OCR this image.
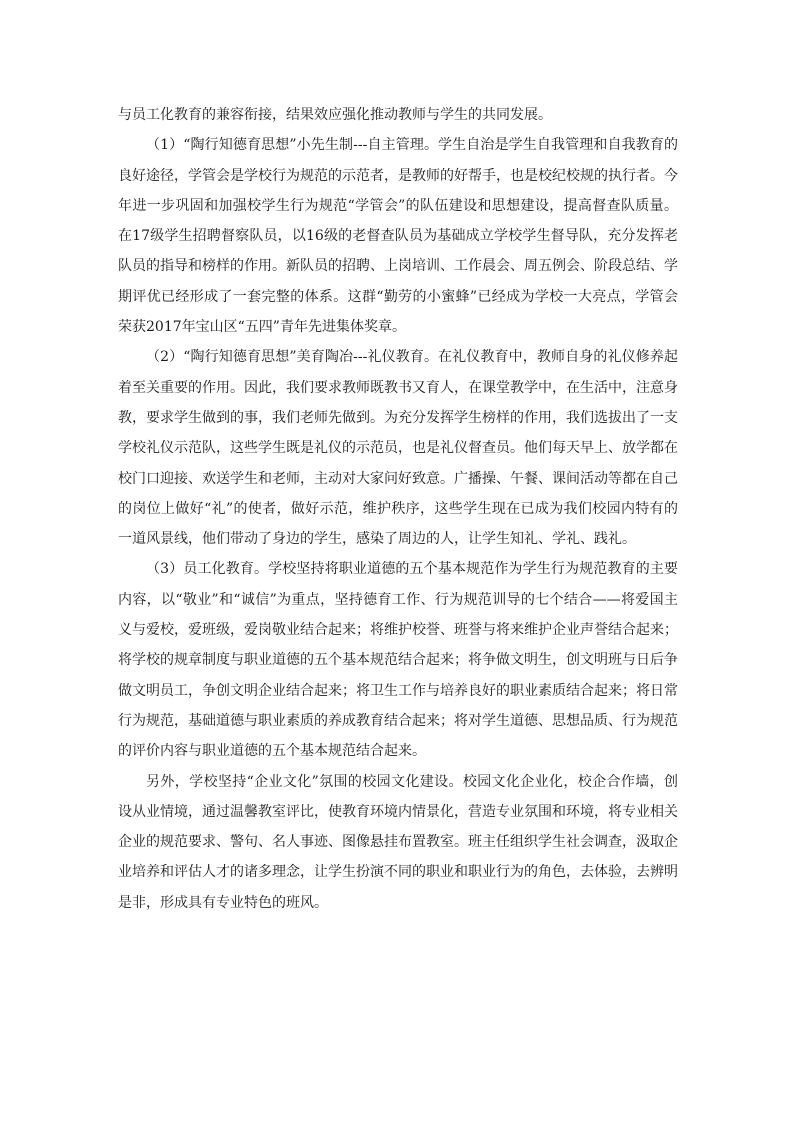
与员工化教育的兼容衔接，结果效应强化推动教师与学生的共同发展。

（1）“陶行知德育思想”小先生制---自主管理。学生自治是学生自我管理和自我教育的良好途径，学管会是学校行为规范的示范者，是教师的好帮手，也是校纪校规的执行者。今年进一步巩固和加强校学生行为规范“学管会”的队伍建设和思想建设，提高督查队质量。在17级学生招聘督察队员，以16级的老督查队员为基础成立学校学生督导队，充分发挥老队员的指导和榜样的作用。新队员的招聘、上岗培训、工作晨会、周五例会、阶段总结、学期评优已经形成了一套完整的体系。这群“勤劳的小蜜蜂”已经成为学校一大亮点，学管会荣获2017年宝山区“五四”青年先进集体奖章。

（2）“陶行知德育思想”美育陶冶---礼仪教育。在礼仪教育中，教师自身的礼仪修养起着至关重要的作用。因此，我们要求教师既教书又育人，在课堂教学中，在生活中，注意身教，要求学生做到的事，我们老师先做到。为充分发挥学生榜样的作用，我们选拔出了一支学校礼仪示范队，这些学生既是礼仪的示范员，也是礼仪督查员。他们每天早上、放学都在校门口迎接、欢送学生和老师，主动对大家问好致意。广播操、午餐、课间活动等都在自己的岗位上做好“礼”的使者，做好示范，维护秩序，这些学生现在已成为我们校园内特有的一道风景线，他们带动了身边的学生，感染了周边的人，让学生知礼、学礼、践礼。

（3）员工化教育。学校坚持将职业道德的五个基本规范作为学生行为规范教育的主要内容，以“敬业”和“诚信”为重点，坚持德育工作、行为规范训导的七个结合——将爱国主义与爱校，爱班级，爱岗敬业结合起来；将维护校誉、班誉与将来维护企业声誉结合起来；将学校的规章制度与职业道德的五个基本规范结合起来；将争做文明生，创文明班与日后争做文明员工，争创文明企业结合起来；将卫生工作与培养良好的职业素质结合起来；将日常行为规范，基础道德与职业素质的养成教育结合起来；将对学生道德、思想品质、行为规范的评价内容与职业道德的五个基本规范结合起来。

另外，学校坚持“企业文化”氛围的校园文化建设。校园文化企业化，校企合作墙，创设从业情境，通过温馨教室评比，使教育环境内情景化，营造专业氛围和环境，将专业相关企业的规范要求、警句、名人事迹、图像悬挂布置教室。班主任组织学生社会调查，汲取企业培养和评估人才的诸多理念，让学生扮演不同的职业和职业行为的角色，去体验，去辨明是非，形成具有专业特色的班风。
